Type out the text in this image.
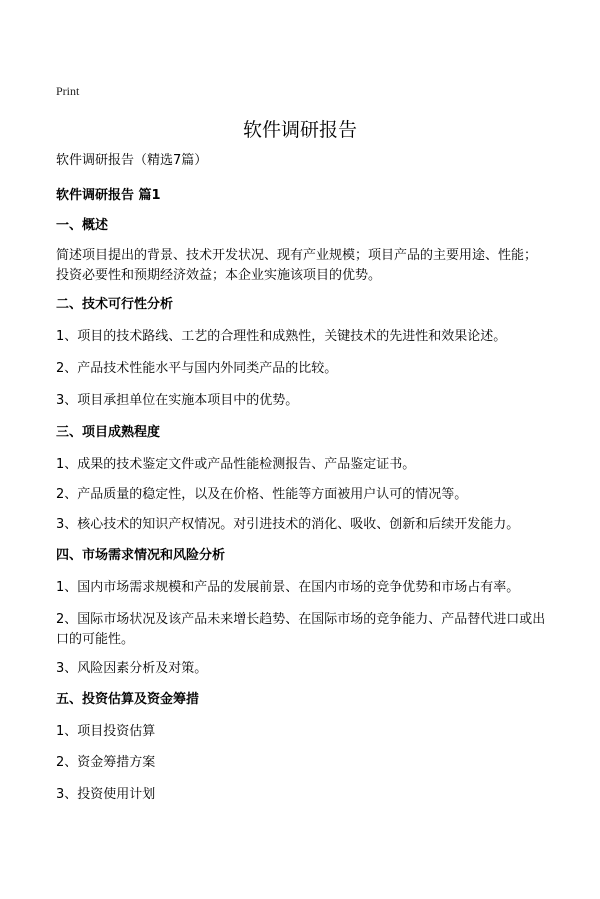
Print
软件调研报告

软件调研报告（精选7篇）

软件调研报告 篇1

一、概述

简述项目提出的背景、技术开发状况、现有产业规模；项目产品的主要用途、性能；投资必要性和预期经济效益；本企业实施该项目的优势。

二、技术可行性分析

1、项目的技术路线、工艺的合理性和成熟性，关键技术的先进性和效果论述。

2、产品技术性能水平与国内外同类产品的比较。

3、项目承担单位在实施本项目中的优势。

三、项目成熟程度

1、成果的技术鉴定文件或产品性能检测报告、产品鉴定证书。

2、产品质量的稳定性，以及在价格、性能等方面被用户认可的情况等。

3、核心技术的知识产权情况。对引进技术的消化、吸收、创新和后续开发能力。

四、市场需求情况和风险分析

1、国内市场需求规模和产品的发展前景、在国内市场的竞争优势和市场占有率。

2、国际市场状况及该产品未来增长趋势、在国际市场的竞争能力、产品替代进口或出口的可能性。

3、风险因素分析及对策。

五、投资估算及资金筹措

1、项目投资估算

2、资金筹措方案

3、投资使用计划
